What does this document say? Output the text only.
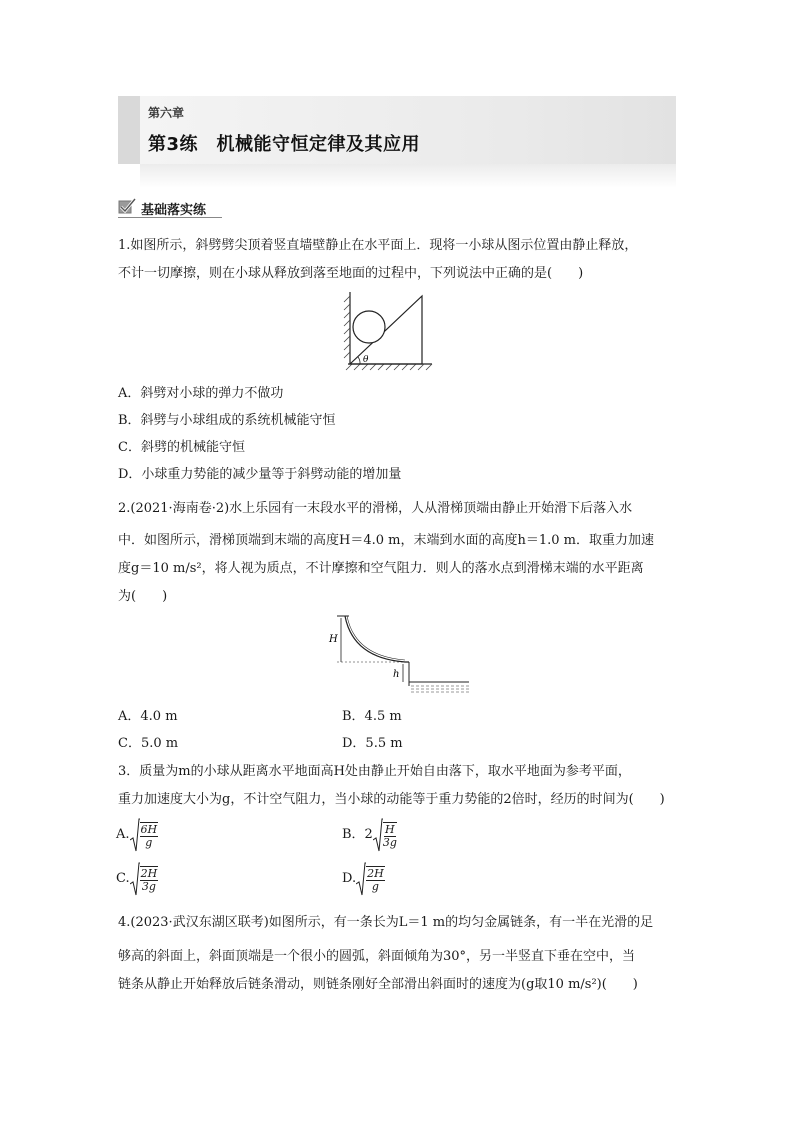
第六章
第3练　机械能守恒定律及其应用
基础落实练
1.如图所示，斜劈劈尖顶着竖直墙壁静止在水平面上．现将一小球从图示位置由静止释放，
不计一切摩擦，则在小球从释放到落至地面的过程中，下列说法中正确的是(　　)
θ
A．斜劈对小球的弹力不做功
B．斜劈与小球组成的系统机械能守恒
C．斜劈的机械能守恒
D．小球重力势能的减少量等于斜劈动能的增加量
2.(2021·海南卷·2)水上乐园有一末段水平的滑梯，人从滑梯顶端由静止开始滑下后落入水
中．如图所示，滑梯顶端到末端的高度H＝4.0 m，末端到水面的高度h＝1.0 m．取重力加速
度g＝10 m/s²，将人视为质点，不计摩擦和空气阻力．则人的落水点到滑梯末端的水平距离
为(　　)
H
h
A．4.0 m	B．4.5 m
C．5.0 m	D．5.5 m
3．质量为m的小球从距离水平地面高H处由静止开始自由落下，取水平地面为参考平面，
重力加速度大小为g，不计空气阻力，当小球的动能等于重力势能的2倍时，经历的时间为(　　)
A. $\frac{6H}{g}$	B．$2 \frac{H}{3g}$
C. $\frac{2H}{3g}$	D. $\frac{2H}{g}$
4.(2023·武汉东湖区联考)如图所示，有一条长为L＝1 m的均匀金属链条，有一半在光滑的足
够高的斜面上，斜面顶端是一个很小的圆弧，斜面倾角为30°，另一半竖直下垂在空中，当
链条从静止开始释放后链条滑动，则链条刚好全部滑出斜面时的速度为(g取10 m/s²)(　　)
